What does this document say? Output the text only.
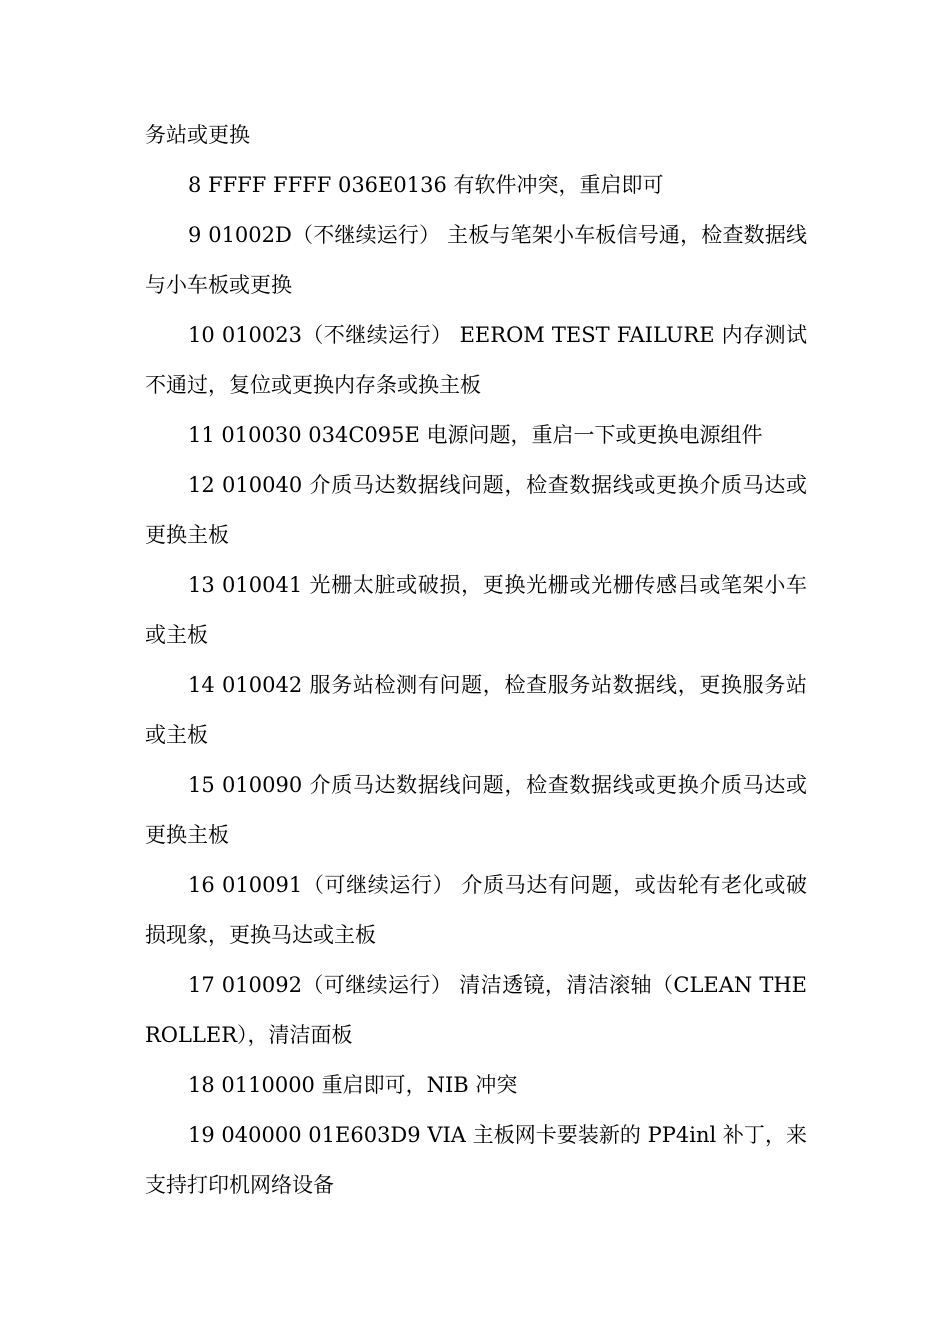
务站或更换

8 FFFF FFFF 036E0136 有软件冲突，重启即可

9 01002D（不继续运行） 主板与笔架小车板信号通，检查数据线与小车板或更换

10 010023（不继续运行） EEROM TEST FAILURE 内存测试不通过，复位或更换内存条或换主板

11 010030 034C095E 电源问题，重启一下或更换电源组件

12 010040 介质马达数据线问题，检查数据线或更换介质马达或更换主板

13 010041 光栅太脏或破损，更换光栅或光栅传感吕或笔架小车或主板

14 010042 服务站检测有问题，检查服务站数据线，更换服务站或主板

15 010090 介质马达数据线问题，检查数据线或更换介质马达或更换主板

16 010091（可继续运行） 介质马达有问题，或齿轮有老化或破损现象，更换马达或主板

17 010092（可继续运行） 清洁透镜，清洁滚轴（CLEAN THE ROLLER），清洁面板

18 0110000 重启即可，NIB 冲突

19 040000 01E603D9 VIA 主板网卡要装新的 PP4inl 补丁，来支持打印机网络设备
